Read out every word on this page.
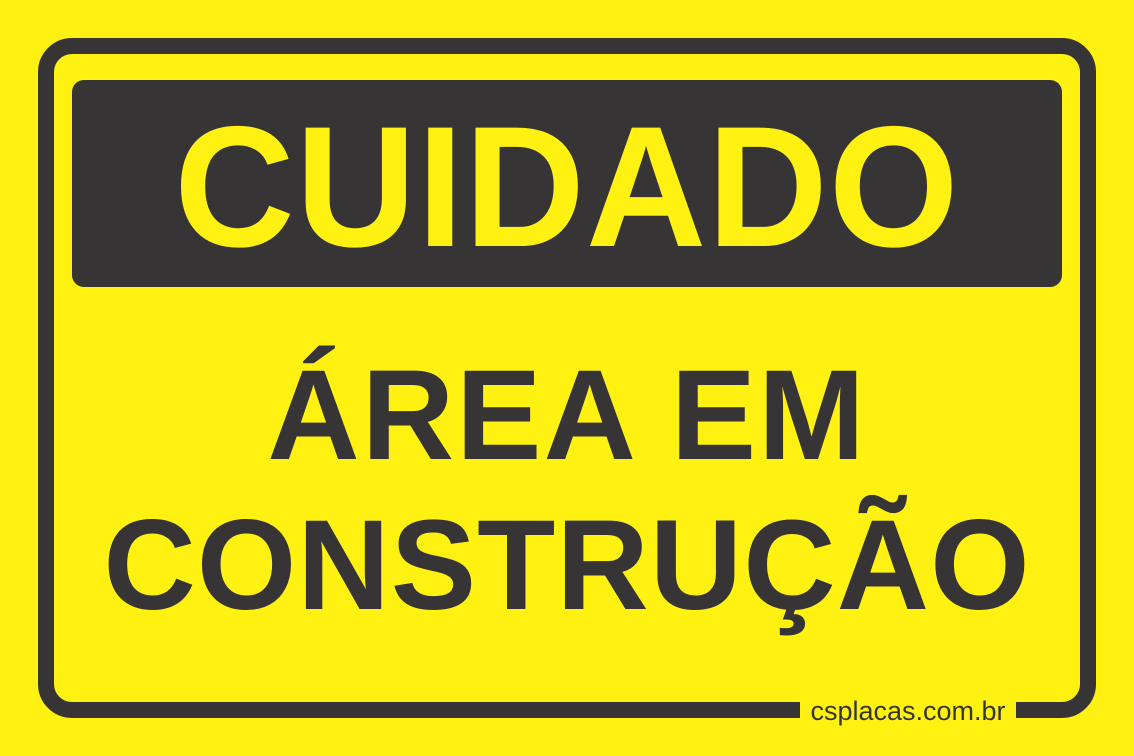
CUIDADO
ÁREA EM
CONSTRUÇÃO
csplacas.com.br
